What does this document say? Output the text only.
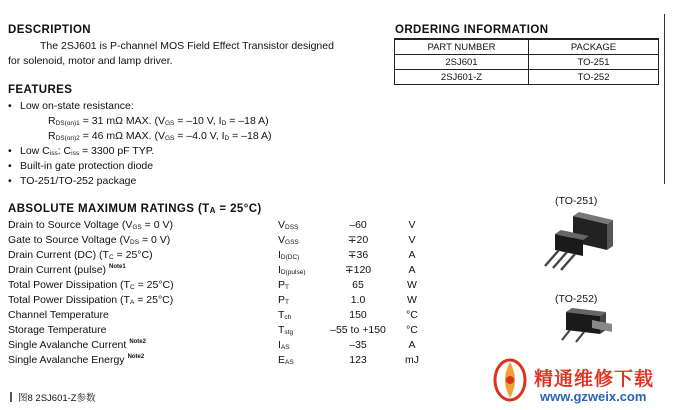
DESCRIPTION
The 2SJ601 is P-channel MOS Field Effect Transistor designed
for solenoid, motor and lamp driver.
ORDERING INFORMATION
PART NUMBER	PACKAGE
2SJ601	TO-251
2SJ601-Z	TO-252
FEATURES
• Low on-state resistance:
RDS(on)1 = 31 mΩ MAX. (VGS = –10 V, ID = –18 A)
RDS(on)2 = 46 mΩ MAX. (VGS = –4.0 V, ID = –18 A)
• Low Ciss: Ciss = 3300 pF TYP.
• Built-in gate protection diode
• TO-251/TO-252 package
ABSOLUTE MAXIMUM RATINGS (TA = 25°C)
Drain to Source Voltage (VGS = 0 V)	VDSS	–60	V
Gate to Source Voltage (VDS = 0 V)	VGSS	∓20	V
Drain Current (DC) (TC = 25°C)	ID(DC)	∓36	A
Drain Current (pulse) $^{Note1}$	ID(pulse)	∓120	A
Total Power Dissipation (TC = 25°C)	PT	65	W
Total Power Dissipation (TA = 25°C)	PT	1.0	W
Channel Temperature	Tch	150	°C
Storage Temperature	Tstg	–55 to +150	°C
Single Avalanche Current $^{Note2}$	IAS	–35	A
Single Avalanche Energy $^{Note2}$	EAS	123	mJ
(TO-251)
(TO-252)
图8 2SJ601-Z参数
精通维修下载
www.gzweix.com
